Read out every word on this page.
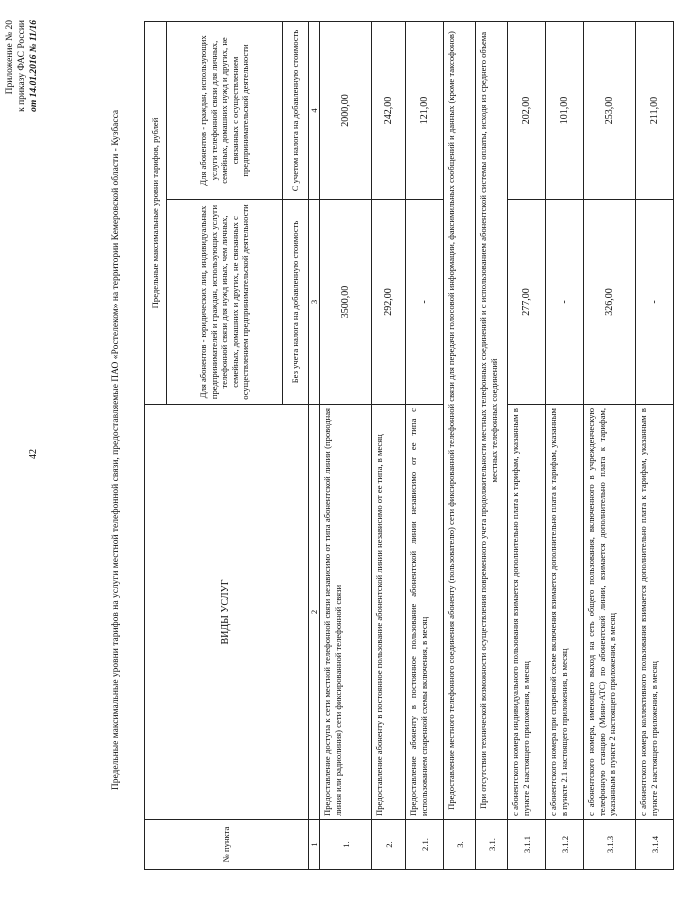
42
Приложение № 20 к приказу ФАС России от 14.01.2016 № 11/16
Предельные максимальные уровни тарифов на услуги местной телефонной связи, предоставляемые ПАО «Ростелеком» на территории Кемеровской области - Кузбасса
№ пункта	ВИДЫ УСЛУГ	Предельные максимальные уровни тарифов, рублей	
		Для абонентов - юридических лиц, индивидуальных предпринимателей и граждан, использующих услуги телефонной связи для нужд иных, чем личных, семейных, домашних и других, не связанных с осуществлением предпринимательской деятельности	Для абонентов - граждан, использующих услуги телефонной связи для личных, семейных, домашних нужд и других, не связанных с осуществлением предпринимательской деятельности
		Без учета налога на добавленную стоимость	С учетом налога на добавленную стоимость
1	2	3	4
1.	Предоставление доступа к сети местной телефонной связи независимо от типа абонентской линии (проводная линия или радиолиния) сети фиксированной телефонной связи	3500,00	2000,00
2.	Предоставление абоненту в постоянное пользование абонентской линии независимо от ее типа, в месяц	292,00	242,00
2.1.	Предоставление абоненту в постоянное пользование абонентской линии независимо от ее типа с использованием спаренной схемы включения, в месяц	-	121,00
3.	Предоставление местного телефонного соединения абоненту (пользователю) сети фиксированной телефонной связи для передачи голосовой информации, факсимильных сообщений и данных (кроме таксофонов)		
3.1.	При отсутствии технической возможности осуществления повременного учета продолжительности местных телефонных соединений и с использованием абонентской системы оплаты, исходя из среднего объема местных телефонных соединений		
3.1.1	с абонентского номера индивидуального пользования взимается дополнительно плата к тарифам, указанным в пункте 2 настоящего приложения, в месяц	277,00	202,00
3.1.2	с абонентского номера при спаренной схеме включения взимается дополнительно плата к тарифам, указанным в пункте 2.1 настоящего приложения, в месяц	-	101,00
3.1.3	с абонентского номера, имеющего выход на сеть общего пользования, включенного в учрежденческую телефонную станцию (Мини-АТС) по абонентской линии, взимается дополнительно плата к тарифам, указанным в пункте 2 настоящего приложения, в месяц	326,00	253,00
3.1.4	с абонентского номера коллективного пользования взимается дополнительно плата к тарифам, указанным в пункте 2 настоящего приложения, в месяц	-	211,00
